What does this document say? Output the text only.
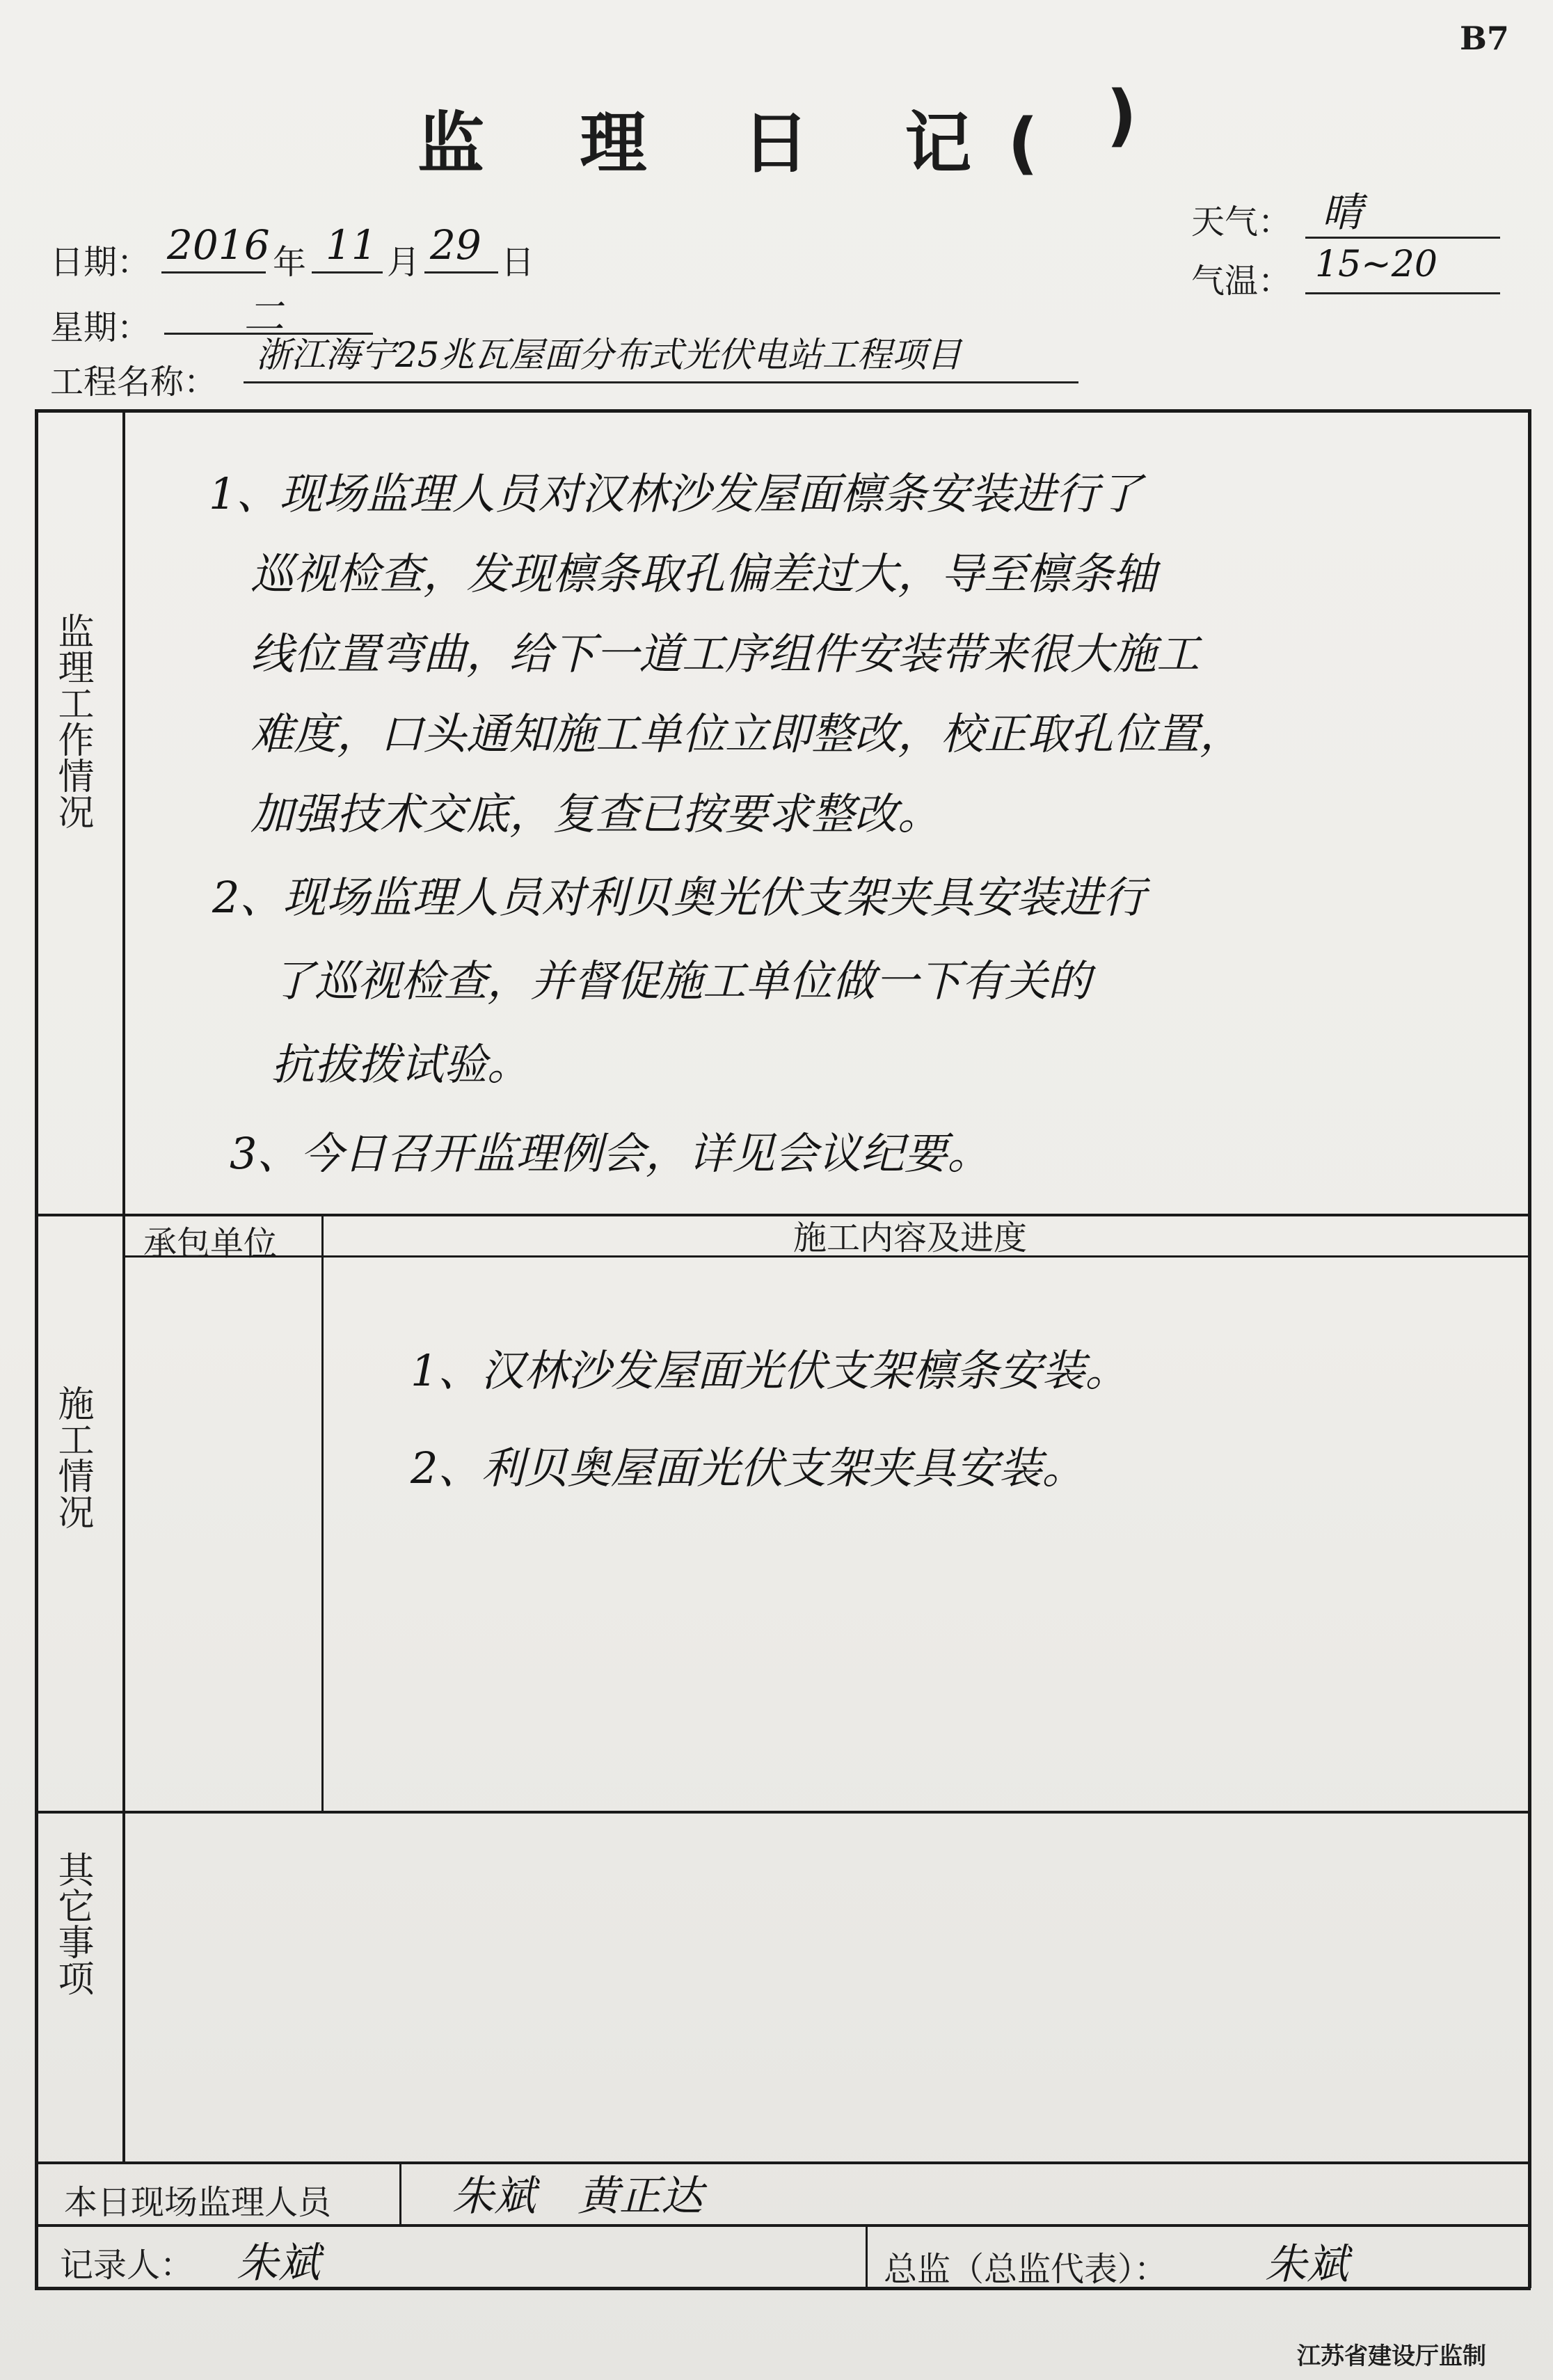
B7
监 理 日 记( )
日期： 2016 年 11 月 29 日
天气： 晴
气温： 15~20
星期： 二
工程名称：
浙江海宁25兆瓦屋面分布式光伏电站工程项目
监理工作情况
1、现场监理人员对汉林沙发屋面檩条安装进行了
巡视检查，发现檩条取孔偏差过大，导至檩条轴
线位置弯曲，给下一道工序组件安装带来很大施工
难度，口头通知施工单位立即整改，校正取孔位置，
加强技术交底，复查已按要求整改。
2、现场监理人员对利贝奥光伏支架夹具安装进行
了巡视检查，并督促施工单位做一下有关的
抗拔拨试验。
3、今日召开监理例会，详见会议纪要。
施工情况
承包单位	施工内容及进度
1、汉林沙发屋面光伏支架檩条安装。
2、利贝奥屋面光伏支架夹具安装。
其它事项
本日现场监理人员	朱斌　黄正达
记录人： 朱斌	总监（总监代表）： 朱斌
江苏省建设厅监制
